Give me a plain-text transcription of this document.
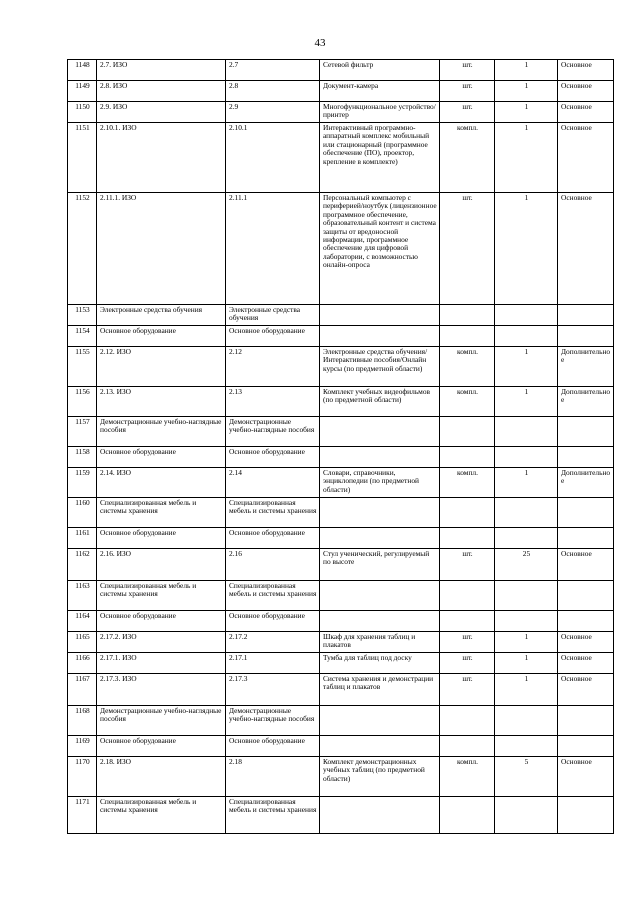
43
1148	2.7. ИЗО	2.7	Сетевой фильтр	шт.	1	Основное
1149	2.8. ИЗО	2.8	Документ-камера	шт.	1	Основное
1150	2.9. ИЗО	2.9	Многофункциональное устройство/принтер	шт.	1	Основное
1151	2.10.1. ИЗО	2.10.1	Интерактивный программно-аппаратный комплекс мобильный или стационарный (программное обеспечение (ПО), проектор, крепление в комплекте)	компл.	1	Основное
1152	2.11.1. ИЗО	2.11.1	Персональный компьютер с периферией/ноутбук (лицензионное программное обеспечение, образовательный контент и система защиты от вредоносной информации, программное обеспечение для цифровой лаборатории, с возможностью онлайн-опроса	шт.	1	Основное
1153	Электронные средства обучения	Электронные средства обучения				
1154	Основное оборудование	Основное оборудование				
1155	2.12. ИЗО	2.12	Электронные средства обучения/Интерактивные пособия/Онлайн курсы (по предметной области)	компл.	1	Дополнительное
1156	2.13. ИЗО	2.13	Комплект учебных видеофильмов (по предметной области)	компл.	1	Дополнительное
1157	Демонстрационные учебно-наглядные пособия	Демонстрационные учебно-наглядные пособия				
1158	Основное оборудование	Основное оборудование				
1159	2.14. ИЗО	2.14	Словари, справочники, энциклопедии (по предметной области)	компл.	1	Дополнительное
1160	Специализированная мебель и системы хранения	Специализированная мебель и системы хранения				
1161	Основное оборудование	Основное оборудование				
1162	2.16. ИЗО	2.16	Стул ученический, регулируемый по высоте	шт.	25	Основное
1163	Специализированная мебель и системы хранения	Специализированная мебель и системы хранения				
1164	Основное оборудование	Основное оборудование				
1165	2.17.2. ИЗО	2.17.2	Шкаф для хранения таблиц и плакатов	шт.	1	Основное
1166	2.17.1. ИЗО	2.17.1	Тумба для таблиц под доску	шт.	1	Основное
1167	2.17.3. ИЗО	2.17.3	Система хранения и демонстрации таблиц и плакатов	шт.	1	Основное
1168	Демонстрационные учебно-наглядные пособия	Демонстрационные учебно-наглядные пособия				
1169	Основное оборудование	Основное оборудование				
1170	2.18. ИЗО	2.18	Комплект демонстрационных учебных таблиц (по предметной области)	компл.	5	Основное
1171	Специализированная мебель и системы хранения	Специализированная мебель и системы хранения				
